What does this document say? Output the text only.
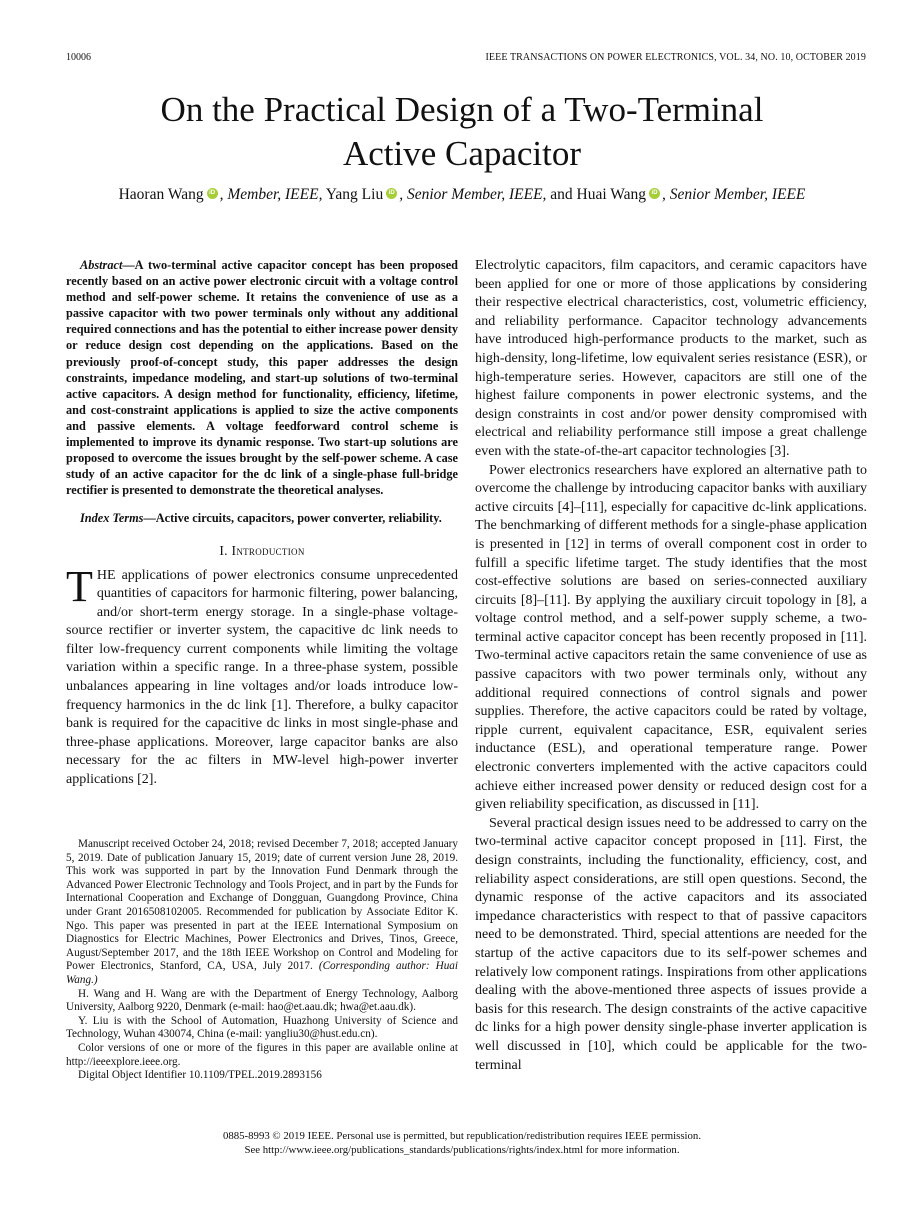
10006	IEEE TRANSACTIONS ON POWER ELECTRONICS, VOL. 34, NO. 10, OCTOBER 2019
On the Practical Design of a Two-Terminal
Active Capacitor
Haoran Wang iD , Member, IEEE, Yang Liu iD , Senior Member, IEEE, and Huai Wang iD , Senior Member, IEEE

Abstract—A two-terminal active capacitor concept has been proposed recently based on an active power electronic circuit with a voltage control method and self-power scheme. It retains the convenience of use as a passive capacitor with two power terminals only without any additional required connections and has the potential to either increase power density or reduce design cost depending on the applications. Based on the previously proof-of-concept study, this paper addresses the design constraints, impedance modeling, and start-up solutions of two-terminal active capacitors. A design method for functionality, efficiency, lifetime, and cost-constraint applications is applied to size the active components and passive elements. A voltage feedforward control scheme is implemented to improve its dynamic response. Two start-up solutions are proposed to overcome the issues brought by the self-power scheme. A case study of an active capacitor for the dc link of a single-phase full-bridge rectifier is presented to demonstrate the theoretical analyses.

Index Terms—Active circuits, capacitors, power converter, reliability.

I. Introduction

THE applications of power electronics consume unprecedented quantities of capacitors for harmonic filtering, power balancing, and/or short-term energy storage. In a single-phase voltage-source rectifier or inverter system, the capacitive dc link needs to filter low-frequency current components while limiting the voltage variation within a specific range. In a three-phase system, possible unbalances appearing in line voltages and/or loads introduce low-frequency harmonics in the dc link [1]. Therefore, a bulky capacitor bank is required for the capacitive dc links in most single-phase and three-phase applications. Moreover, large capacitor banks are also necessary for the ac filters in MW-level high-power inverter applications [2].

Manuscript received October 24, 2018; revised December 7, 2018; accepted January 5, 2019. Date of publication January 15, 2019; date of current version June 28, 2019. This work was supported in part by the Innovation Fund Denmark through the Advanced Power Electronic Technology and Tools Project, and in part by the Funds for International Cooperation and Exchange of Dongguan, Guangdong Province, China under Grant 2016508102005. Recommended for publication by Associate Editor K. Ngo. This paper was presented in part at the IEEE International Symposium on Diagnostics for Electric Machines, Power Electronics and Drives, Tinos, Greece, August/September 2017, and the 18th IEEE Workshop on Control and Modeling for Power Electronics, Stanford, CA, USA, July 2017. (Corresponding author: Huai Wang.)

H. Wang and H. Wang are with the Department of Energy Technology, Aalborg University, Aalborg 9220, Denmark (e-mail: hao@et.aau.dk; hwa@et.aau.dk).

Y. Liu is with the School of Automation, Huazhong University of Science and Technology, Wuhan 430074, China (e-mail: yangliu30@hust.edu.cn).

Color versions of one or more of the figures in this paper are available online at http://ieeexplore.ieee.org.

Digital Object Identifier 10.1109/TPEL.2019.2893156

Electrolytic capacitors, film capacitors, and ceramic capacitors have been applied for one or more of those applications by considering their respective electrical characteristics, cost, volumetric efficiency, and reliability performance. Capacitor technology advancements have introduced high-performance products to the market, such as high-density, long-lifetime, low equivalent series resistance (ESR), or high-temperature series. However, capacitors are still one of the highest failure components in power electronic systems, and the design constraints in cost and/or power density compromised with electrical and reliability performance still impose a great challenge even with the state-of-the-art capacitor technologies [3].

Power electronics researchers have explored an alternative path to overcome the challenge by introducing capacitor banks with auxiliary active circuits [4]–[11], especially for capacitive dc-link applications. The benchmarking of different methods for a single-phase application is presented in [12] in terms of overall component cost in order to fulfill a specific lifetime target. The study identifies that the most cost-effective solutions are based on series-connected auxiliary circuits [8]–[11]. By applying the auxiliary circuit topology in [8], a voltage control method, and a self-power supply scheme, a two-terminal active capacitor concept has been recently proposed in [11]. Two-terminal active capacitors retain the same convenience of use as passive capacitors with two power terminals only, without any additional required connections of control signals and power supplies. Therefore, the active capacitors could be rated by voltage, ripple current, equivalent capacitance, ESR, equivalent series inductance (ESL), and operational temperature range. Power electronic converters implemented with the active capacitors could achieve either increased power density or reduced design cost for a given reliability specification, as discussed in [11].

Several practical design issues need to be addressed to carry on the two-terminal active capacitor concept proposed in [11]. First, the design constraints, including the functionality, efficiency, cost, and reliability aspect considerations, are still open questions. Second, the dynamic response of the active capacitors and its associated impedance characteristics with respect to that of passive capacitors need to be demonstrated. Third, special attentions are needed for the startup of the active capacitors due to its self-power schemes and relatively low component ratings. Inspirations from other applications dealing with the above-mentioned three aspects of issues provide a basis for this research. The design constraints of the active capacitive dc links for a high power density single-phase inverter application is well discussed in [10], which could be applicable for the two-terminal

0885-8993 © 2019 IEEE. Personal use is permitted, but republication/redistribution requires IEEE permission.
See http://www.ieee.org/publications_standards/publications/rights/index.html for more information.
